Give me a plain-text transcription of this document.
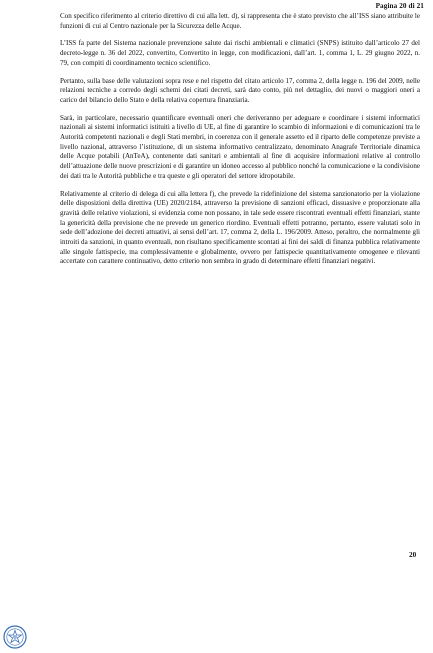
Pagina 20 di 21

Con specifico riferimento al criterio direttivo di cui alla lett. d), si rappresenta che è stato previsto che all’ISS siano attribuite le funzioni di cui al Centro nazionale per la Sicurezza delle Acque.

L’ISS fa parte del Sistema nazionale prevenzione salute dai rischi ambientali e climatici (SNPS) istituito dall’articolo 27 del decreto-legge n. 36 del 2022, convertito, Convertito in legge, con modificazioni, dall’art. 1, comma 1, L. 29 giugno 2022, n. 79, con compiti di coordinamento tecnico scientifico.

Pertanto, sulla base delle valutazioni sopra rese e nel rispetto del citato articolo 17, comma 2, della legge n. 196 del 2009, nelle relazioni tecniche a corredo degli schemi dei citati decreti, sarà dato conto, più nel dettaglio, dei nuovi o maggiori oneri a carico del bilancio dello Stato e della relativa copertura finanziaria.

Sarà, in particolare, necessario quantificare eventuali oneri che deriveranno per adeguare e coordinare i sistemi informatici nazionali ai sistemi informatici istituiti a livello di UE, al fine di garantire lo scambio di informazioni e di comunicazioni tra le Autorità competenti nazionali e degli Stati membri, in coerenza con il generale assetto ed il riparto delle competenze previste a livello nazional, attraverso l’istituzione, di un sistema informativo centralizzato, denominato Anagrafe Territoriale dinamica delle Acque potabili (AnTeA), contenente dati sanitari e ambientali al fine di acquisire informazioni relative al controllo dell’attuazione delle nuove prescrizioni e di garantire un idoneo accesso al pubblico nonché la comunicazione e la condivisione dei dati tra le Autorità pubbliche e tra queste e gli operatori del settore idropotabile.

Relativamente al criterio di delega di cui alla lettera f), che prevede la ridefinizione del sistema sanzionatorio per la violazione delle disposizioni della direttiva (UE) 2020/2184, attraverso la previsione di sanzioni efficaci, dissuasive e proporzionate alla gravità delle relative violazioni, si evidenzia come non possano, in tale sede essere riscontrati eventuali effetti finanziari, stante la genericità della previsione che ne prevede un generico riordino. Eventuali effetti potranno, pertanto, essere valutati solo in sede dell’adozione dei decreti attuativi, ai sensi dell’art. 17, comma 2, della L. 196/2009. Atteso, peraltro, che normalmente gli introiti da sanzioni, in quanto eventuali, non risultano specificamente scontati ai fini dei saldi di finanza pubblica relativamente alle singole fattispecie, ma complessivamente e globalmente, ovvero per fattispecie quantitativamente omogenee e rilevanti accertate con carattere continuativo, detto criterio non sembra in grado di determinare effetti finanziari negativi.

20
